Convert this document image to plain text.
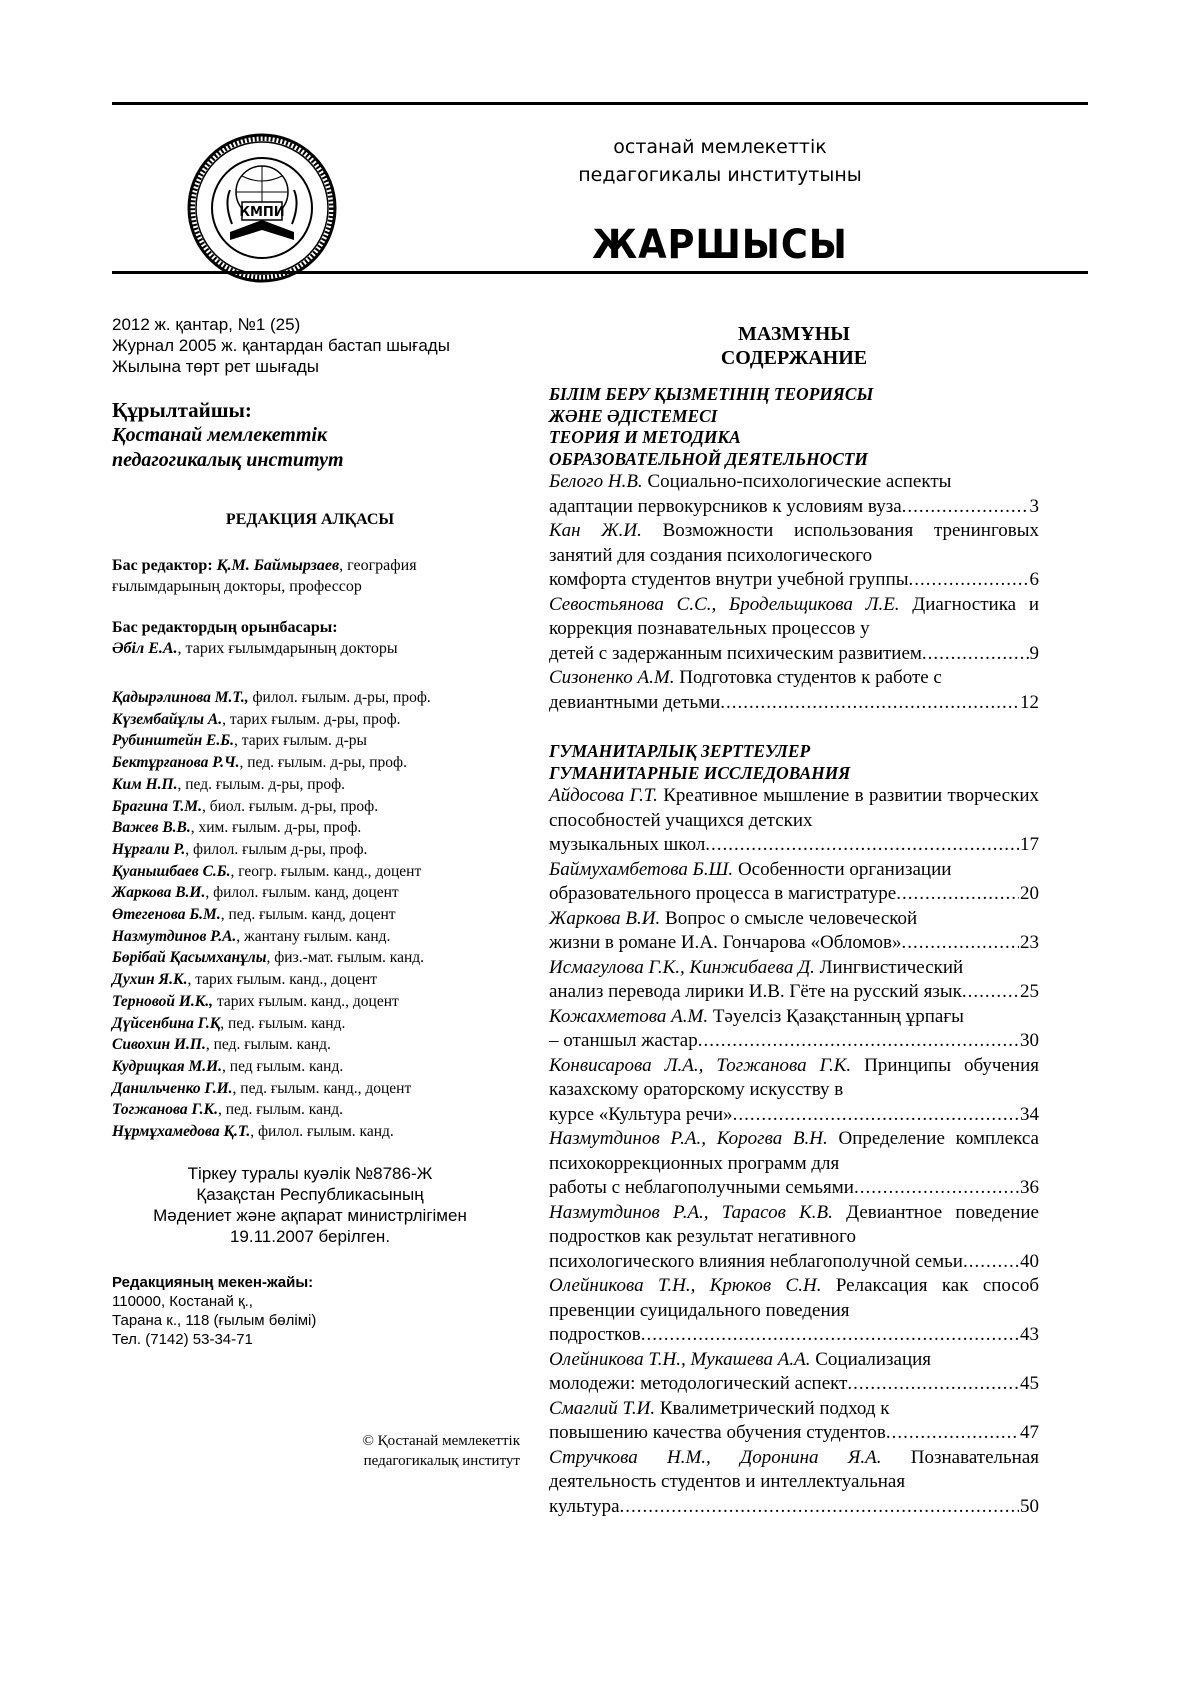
КМПИ
останай мемлекеттік
педагогикалы институтыны
ЖАРШЫСЫ
2012 ж. қантар, №1 (25)
Журнал 2005 ж. қантардан бастап шығады
Жылына төрт рет шығады
Құрылтайшы:
Қостанай мемлекеттік
педагогикалық институт
РЕДАКЦИЯ АЛҚАСЫ
Бас редактор: Қ.М. Баймырзаев, география ғылымдарының докторы, профессор
Бас редактордың орынбасары:
Әбіл Е.А., тарих ғылымдарының докторы
Қадырәлинова М.Т., филол. ғылым. д-ры, проф.
Күзембайұлы А., тарих ғылым. д-ры, проф.
Рубинштейн Е.Б., тарих ғылым. д-ры
Бектұрғанова Р.Ч., пед. ғылым. д-ры, проф.
Ким Н.П., пед. ғылым. д-ры, проф.
Брагина Т.М., биол. ғылым. д-ры, проф.
Важев В.В., хим. ғылым. д-ры, проф.
Нұрғали Р., филол. ғылым д-ры, проф.
Қуанышбаев С.Б., геогр. ғылым. канд., доцент
Жаркова В.И., филол. ғылым. канд, доцент
Өтегенова Б.М., пед. ғылым. канд, доцент
Назмутдинов Р.А., жантану ғылым. канд.
Бөрібай Қасымханұлы, физ.-мат. ғылым. канд.
Духин Я.К., тарих ғылым. канд., доцент
Терновой И.К., тарих ғылым. канд., доцент
Дүйсенбина Г.Қ, пед. ғылым. канд.
Сивохин И.П., пед. ғылым. канд.
Кудрицкая М.И., пед ғылым. канд.
Данильченко Г.И., пед. ғылым. канд., доцент
Тогжанова Г.К., пед. ғылым. канд.
Нұрмұхамедова Қ.Т., филол. ғылым. канд.
Тіркеу туралы куәлік №8786-Ж
Қазақстан Республикасының
Мәдениет және ақпарат министрлігімен
19.11.2007 берілген.
Редакцияның мекен-жайы:
110000, Костанай қ.,
Тарана к., 118 (ғылым бөлімі)
Тел. (7142) 53-34-71
© Қостанай мемлекеттік
педагогикалық институт
МАЗМҰНЫ
СОДЕРЖАНИЕ
БІЛІМ БЕРУ ҚЫЗМЕТІНІҢ ТЕОРИЯСЫ
ЖӘНЕ ӘДІСТЕМЕСІ
ТЕОРИЯ И МЕТОДИКА
ОБРАЗОВАТЕЛЬНОЙ ДЕЯТЕЛЬНОСТИ
Белого Н.В. Социально-психологические аспекты
адаптации первокурсников к условиям вуза .....	3
Кан Ж.И. Возможности использования тренинговых занятий для создания психологического
комфорта студентов внутри учебной группы .....	6
Севостьянова С.С., Бродельщикова Л.Е. Диагностика и коррекция познавательных процессов у
детей с задержанным психическим развитием .....	9
Сизоненко А.М. Подготовка студентов к работе с
девиантными детьми .....	12
ГУМАНИТАРЛЫҚ ЗЕРТТЕУЛЕР
ГУМАНИТАРНЫЕ ИССЛЕДОВАНИЯ
Айдосова Г.Т. Креативное мышление в развитии творческих способностей учащихся детских
музыкальных школ .....	17
Баймухамбетова Б.Ш. Особенности организации
образовательного процесса в магистратуре .....	20
Жаркова В.И. Вопрос о смысле человеческой
жизни в романе И.А. Гончарова «Обломов» .....	23
Исмагулова Г.К., Кинжибаева Д. Лингвистический
анализ перевода лирики И.В. Гёте на русский язык .....	25
Кожахметова А.М. Тәуелсіз Қазақстанның ұрпағы
– отаншыл жастар .....	30
Конвисарова Л.А., Тогжанова Г.К. Принципы обучения казахскому ораторскому искусству в
курсе «Культура речи» .....	34
Назмутдинов Р.А., Корогва В.Н. Определение комплекса психокоррекционных программ для
работы с неблагополучными семьями .....	36
Назмутдинов Р.А., Тарасов К.В. Девиантное поведение подростков как результат негативного
психологического влияния неблагополучной семьи .....	40
Олейникова Т.Н., Крюков С.Н. Релаксация как способ превенции суицидального поведения
подростков .....	43
Олейникова Т.Н., Мукашева А.А. Социализация
молодежи: методологический аспект .....	45
Смаглий Т.И. Квалиметрический подход к
повышению качества обучения студентов .....	47
Стручкова Н.М., Доронина Я.А. Познавательная деятельность студентов и интеллектуальная
культура .....	50
